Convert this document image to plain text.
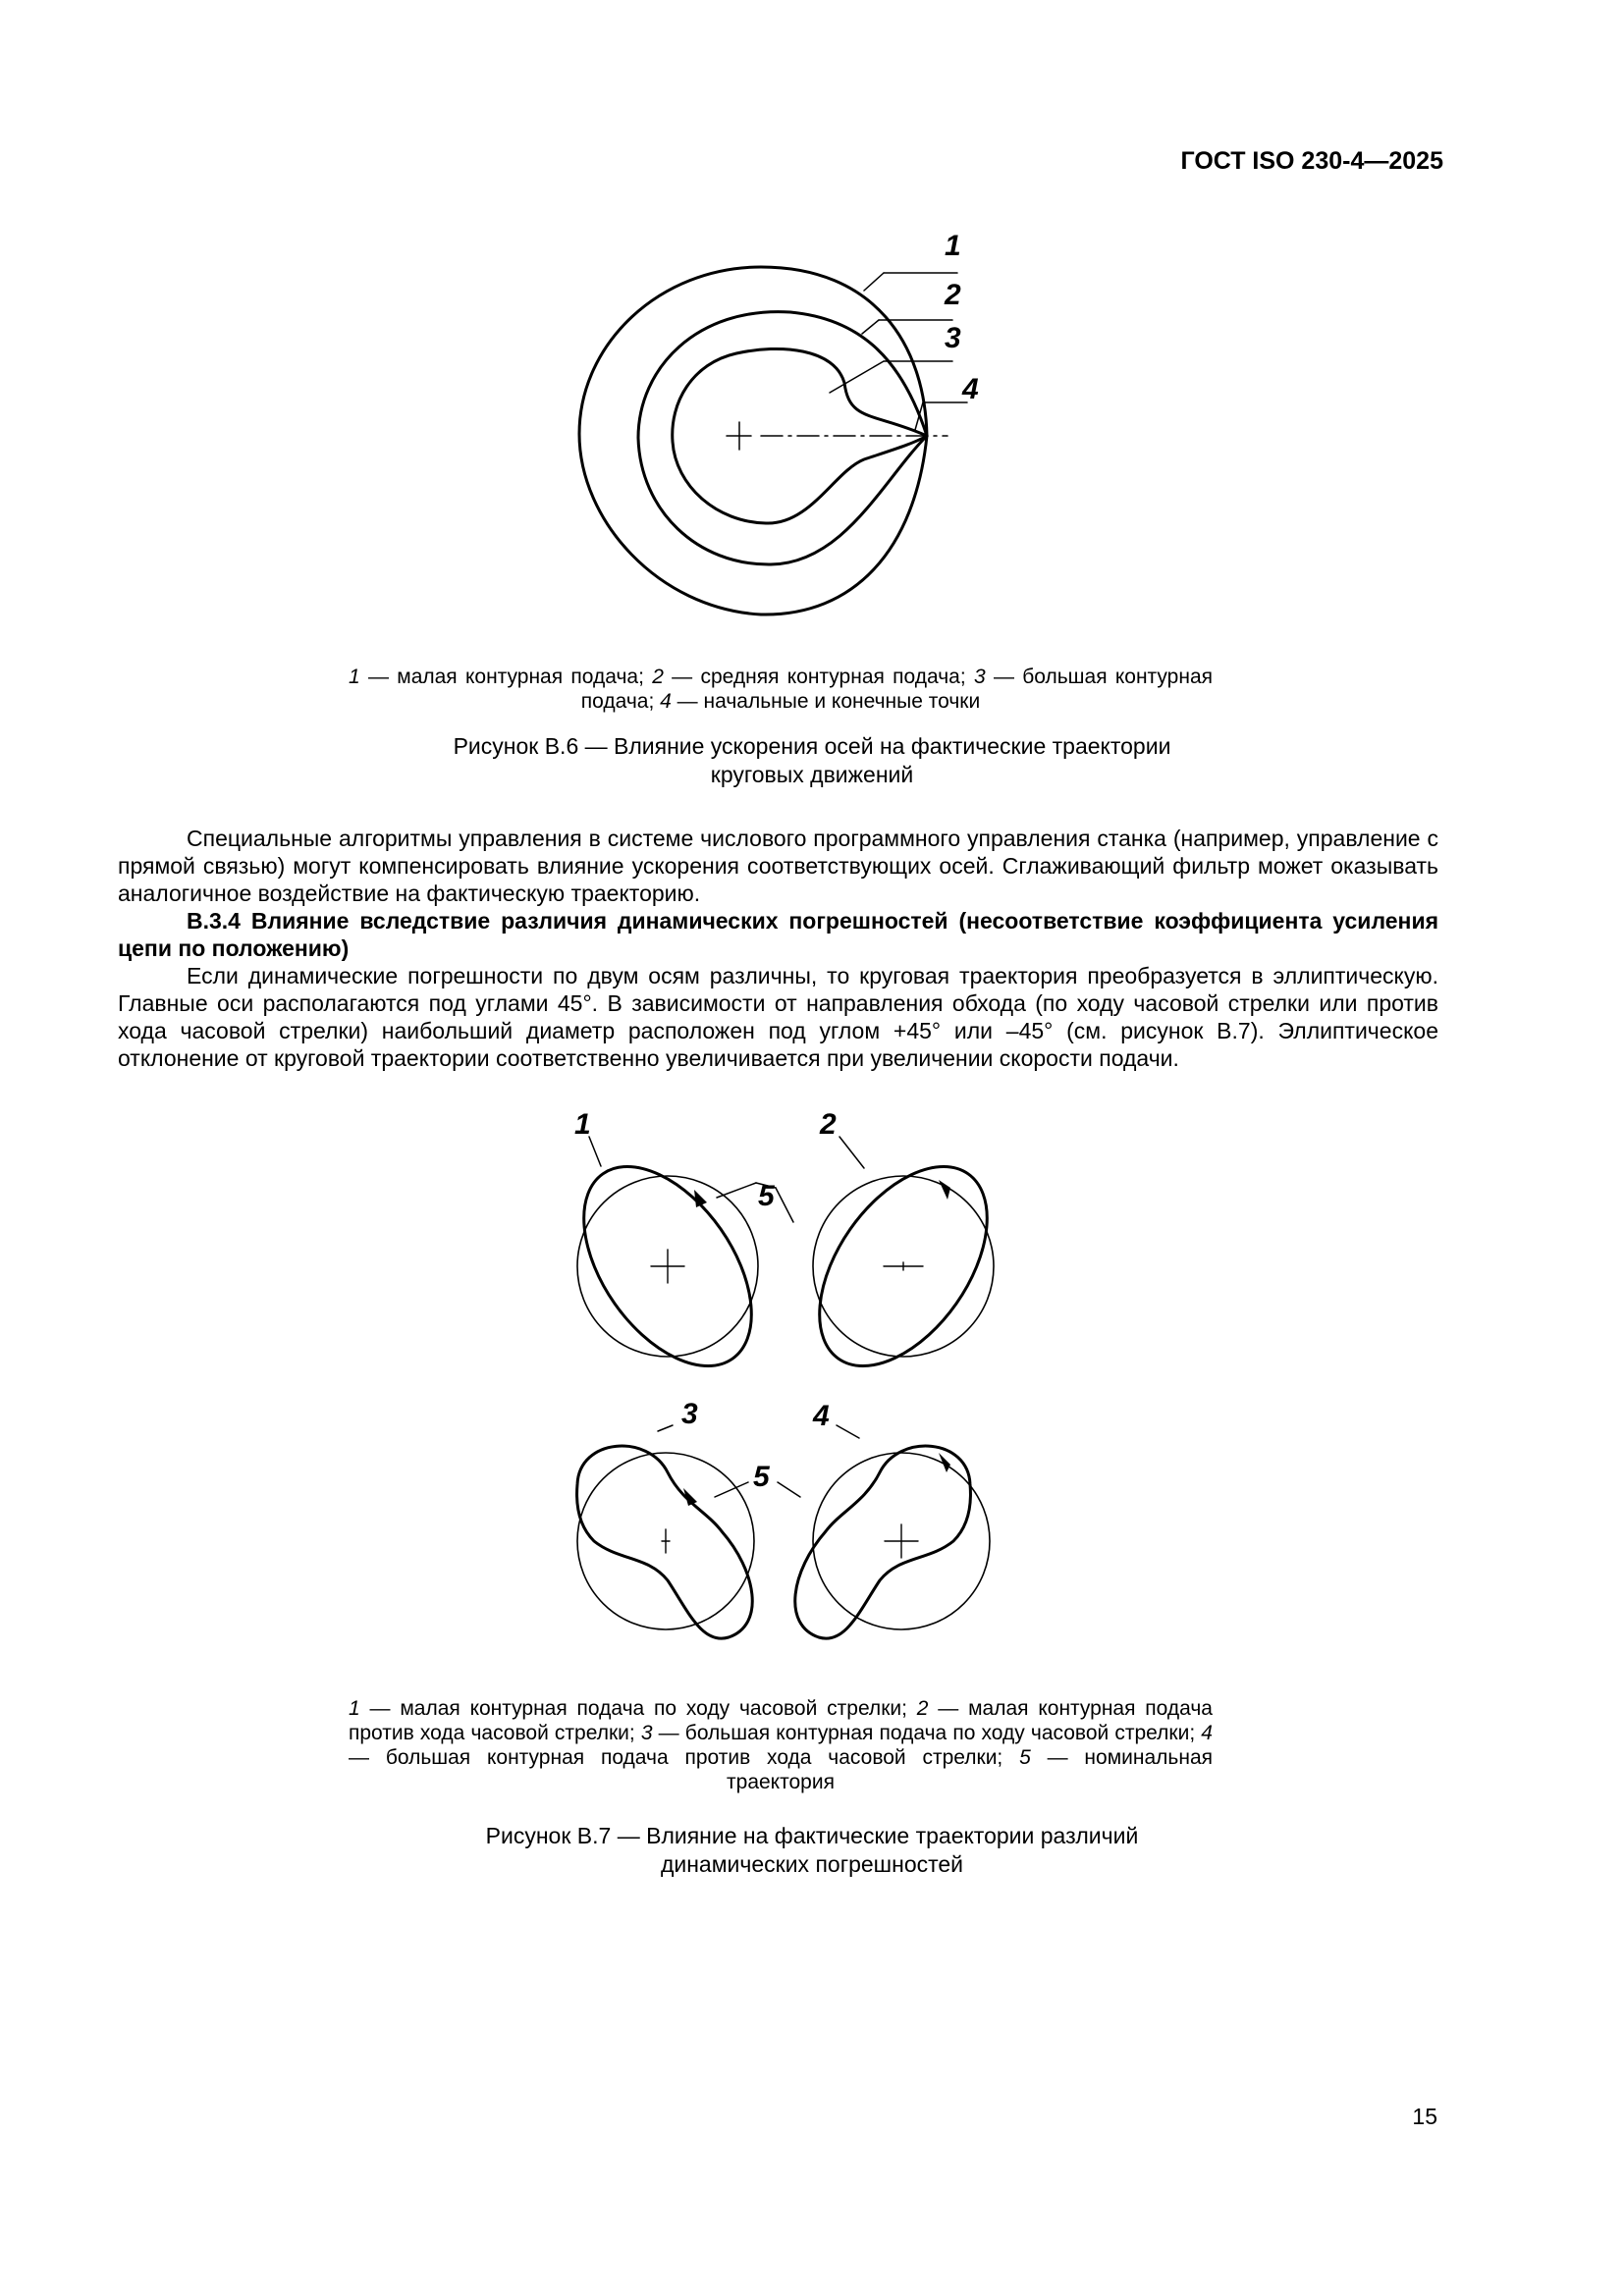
ГОСТ ISO 230-4—2025
1
2
3
4
1 — малая контурная подача; 2 — средняя контурная подача; 3 — большая контурная подача; 4 — начальные и конечные точки
Рисунок В.6 — Влияние ускорения осей на фактические траектории
круговых движений

Специальные алгоритмы управления в системе числового программного управления станка (например, управление с прямой связью) могут компенсировать влияние ускорения соответствующих осей. Сглаживающий фильтр может оказывать аналогичное воздействие на фактическую траекторию.

В.3.4 Влияние вследствие различия динамических погрешностей (несоответствие коэффициента усиления цепи по положению)

Если динамические погрешности по двум осям различны, то круговая траектория преобразуется в эллиптическую. Главные оси располагаются под углами 45°. В зависимости от направления обхода (по ходу часовой стрелки или против хода часовой стрелки) наибольший диаметр расположен под углом +45° или –45° (см. рисунок В.7). Эллиптическое отклонение от круговой траектории соответственно увеличивается при увеличении скорости подачи.

1	2
3	4
5
5
1 — малая контурная подача по ходу часовой стрелки; 2 — малая контурная подача против хода часовой стрелки; 3 — большая контурная подача по ходу часовой стрелки; 4 — большая контурная подача против хода часовой стрелки; 5 — номинальная траектория
Рисунок В.7 — Влияние на фактические траектории различий
динамических погрешностей
15
